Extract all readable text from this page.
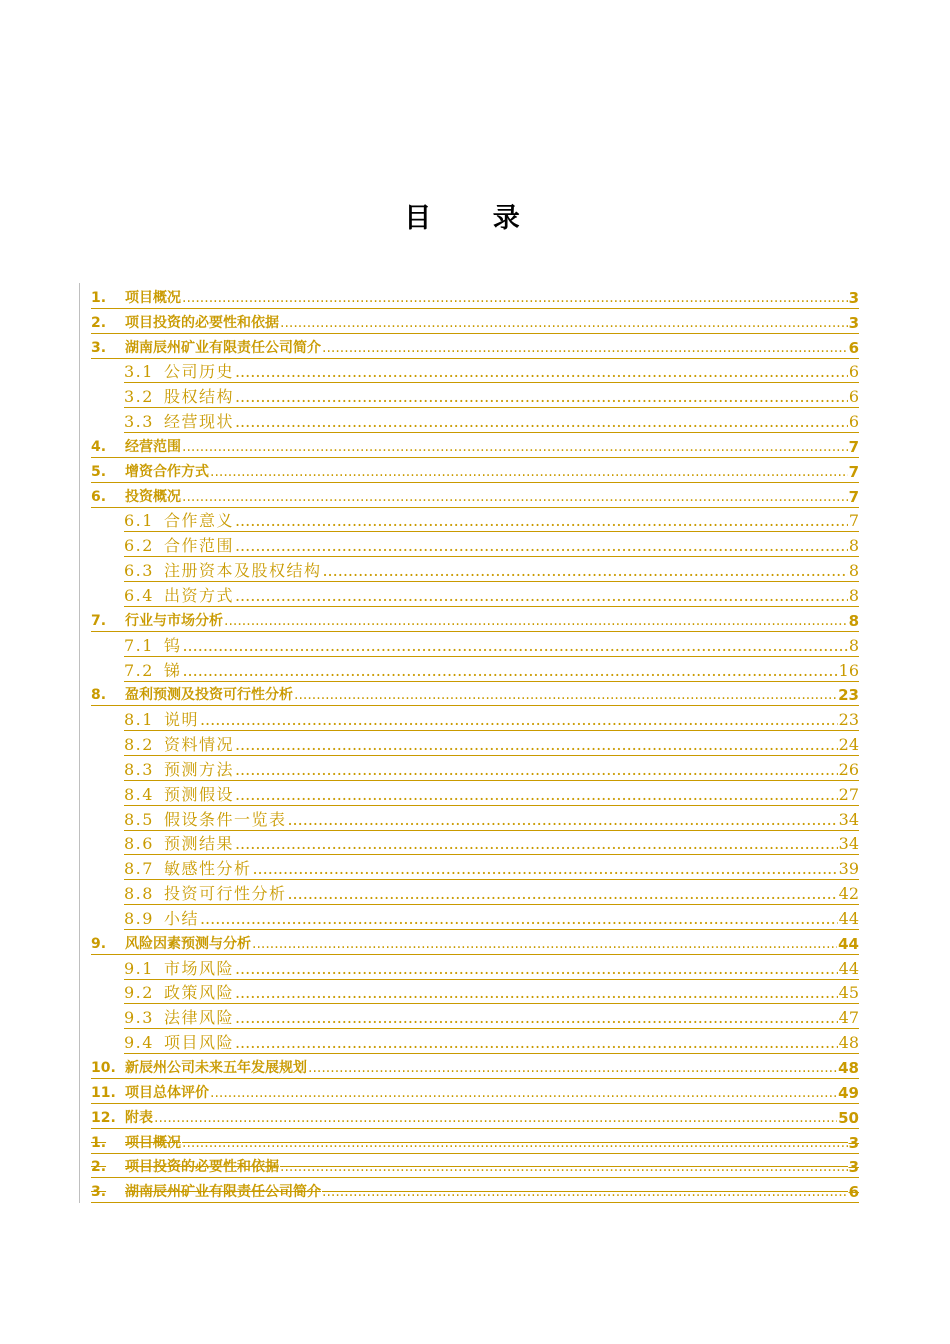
目 录
1.	项目概况 .....	3
2.	项目投资的必要性和依据 .....	3
3.	湖南辰州矿业有限责任公司简介 .....	6
3.1 公司历史 .....	6
3.2 股权结构 .....	6
3.3 经营现状 .....	6
4.	经营范围 .....	7
5.	增资合作方式 .....	7
6.	投资概况 .....	7
6.1 合作意义 .....	7
6.2 合作范围 .....	8
6.3 注册资本及股权结构 .....	8
6.4 出资方式 .....	8
7.	行业与市场分析 .....	8
7.1 钨 .....	8
7.2 锑 .....	16
8.	盈利预测及投资可行性分析 .....	23
8.1 说明 .....	23
8.2 资料情况 .....	24
8.3 预测方法 .....	26
8.4 预测假设 .....	27
8.5 假设条件一览表 .....	34
8.6 预测结果 .....	34
8.7 敏感性分析 .....	39
8.8 投资可行性分析 .....	42
8.9 小结 .....	44
9.	风险因素预测与分析 .....	44
9.1 市场风险 .....	44
9.2 政策风险 .....	45
9.3 法律风险 .....	47
9.4 项目风险 .....	48
10. 新辰州公司未来五年发展规划 .....	48
11. 项目总体评价 .....	49
12. 附表 .....	50
1.	项目概况 .....	3
2.	项目投资的必要性和依据 .....	3
3.	湖南辰州矿业有限责任公司简介 .....	6
